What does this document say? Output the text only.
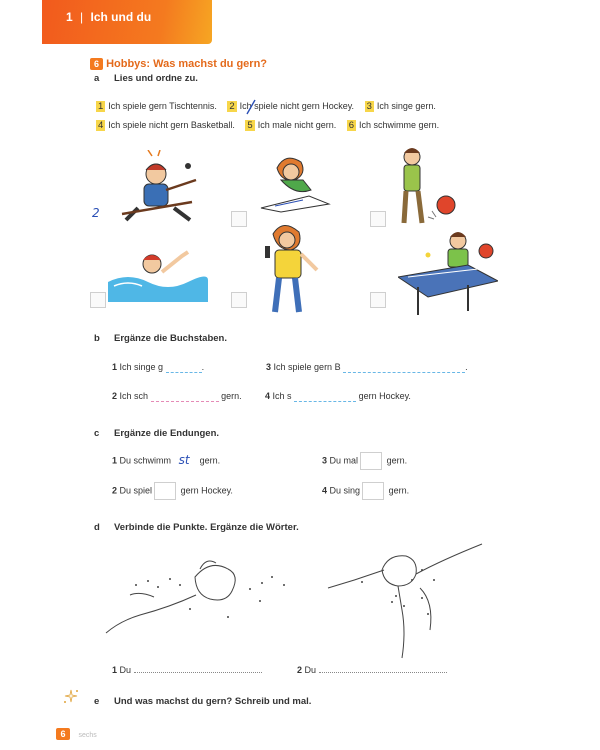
1 | Ich und du
6 Hobbys: Was machst du gern?
a Lies und ordne zu.
1 Ich spiele gern Tischtennis. 2 Ich spiele nicht gern Hockey. 3 Ich singe gern.
4 Ich spiele nicht gern Basketball. 5 Ich male nicht gern. 6 Ich schwimme gern.
2
b Ergänze die Buchstaben.
1 Ich singe g	.	3 Ich spiele gern B	.
2 Ich sch	gern.	4 Ich s	gern Hockey.
c Ergänze die Endungen.
1 Du schwimm st gern.	3 Du mal	gern.
2 Du spiel	gern Hockey.	4 Du sing	gern.
d Verbinde die Punkte. Ergänze die Wörter.
1 Du	2 Du
e Und was machst du gern? Schreib und mal.
6 sechs
